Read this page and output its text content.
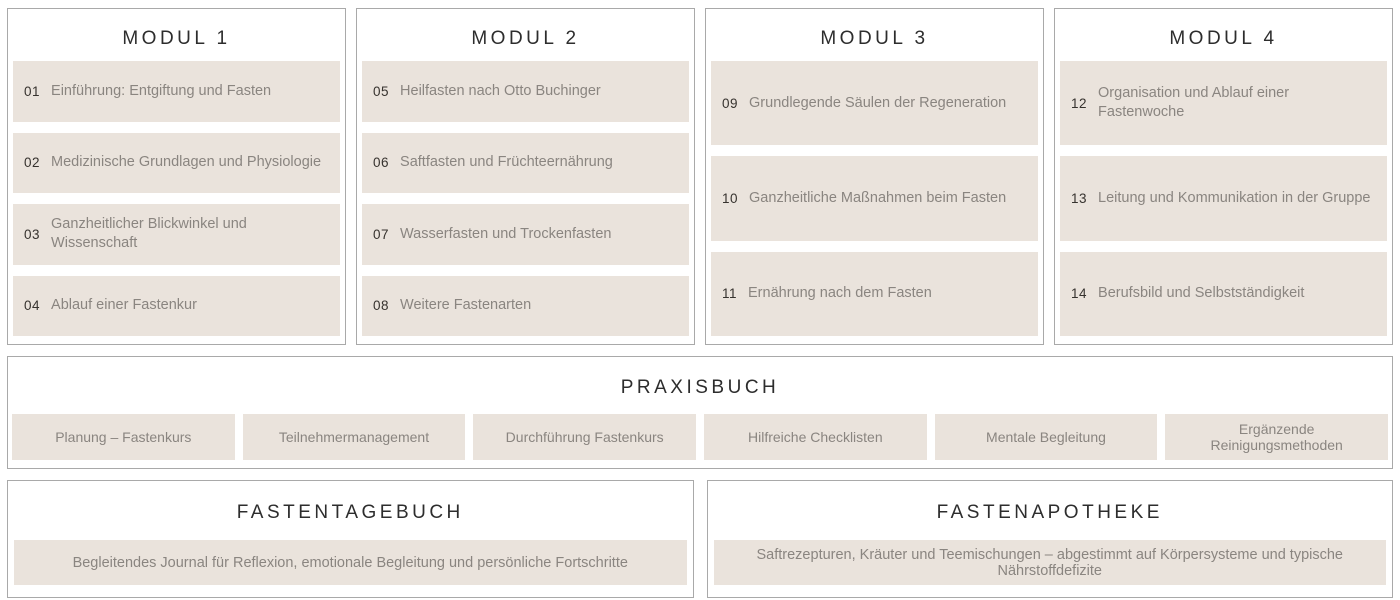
MODUL 1
01 Einführung: Entgiftung und Fasten
02 Medizinische Grundlagen und Physiologie
03
Ganzheitlicher Blickwinkel und Wissenschaft
04 Ablauf einer Fastenkur
MODUL 2
05 Heilfasten nach Otto Buchinger
06 Saftfasten und Früchteernährung
07 Wasserfasten und Trockenfasten
08 Weitere Fastenarten
MODUL 3
09 Grundlegende Säulen der Regeneration
10 Ganzheitliche Maßnahmen beim Fasten
11 Ernährung nach dem Fasten
MODUL 4
12
Organisation und Ablauf einer Fastenwoche
13 Leitung und Kommunikation in der Gruppe
14 Berufsbild und Selbstständigkeit
PRAXISBUCH
Planung – Fastenkurs	Teilnehmermanagement	Durchführung Fastenkurs	Hilfreiche Checklisten	Mentale Begleitung	Ergänzende Reinigungsmethoden
FASTENTAGEBUCH
Begleitendes Journal für Reflexion, emotionale Begleitung und persönliche Fortschritte
FASTENAPOTHEKE
Saftrezepturen, Kräuter und Teemischungen – abgestimmt auf Körpersysteme und typische Nährstoffdefizite
